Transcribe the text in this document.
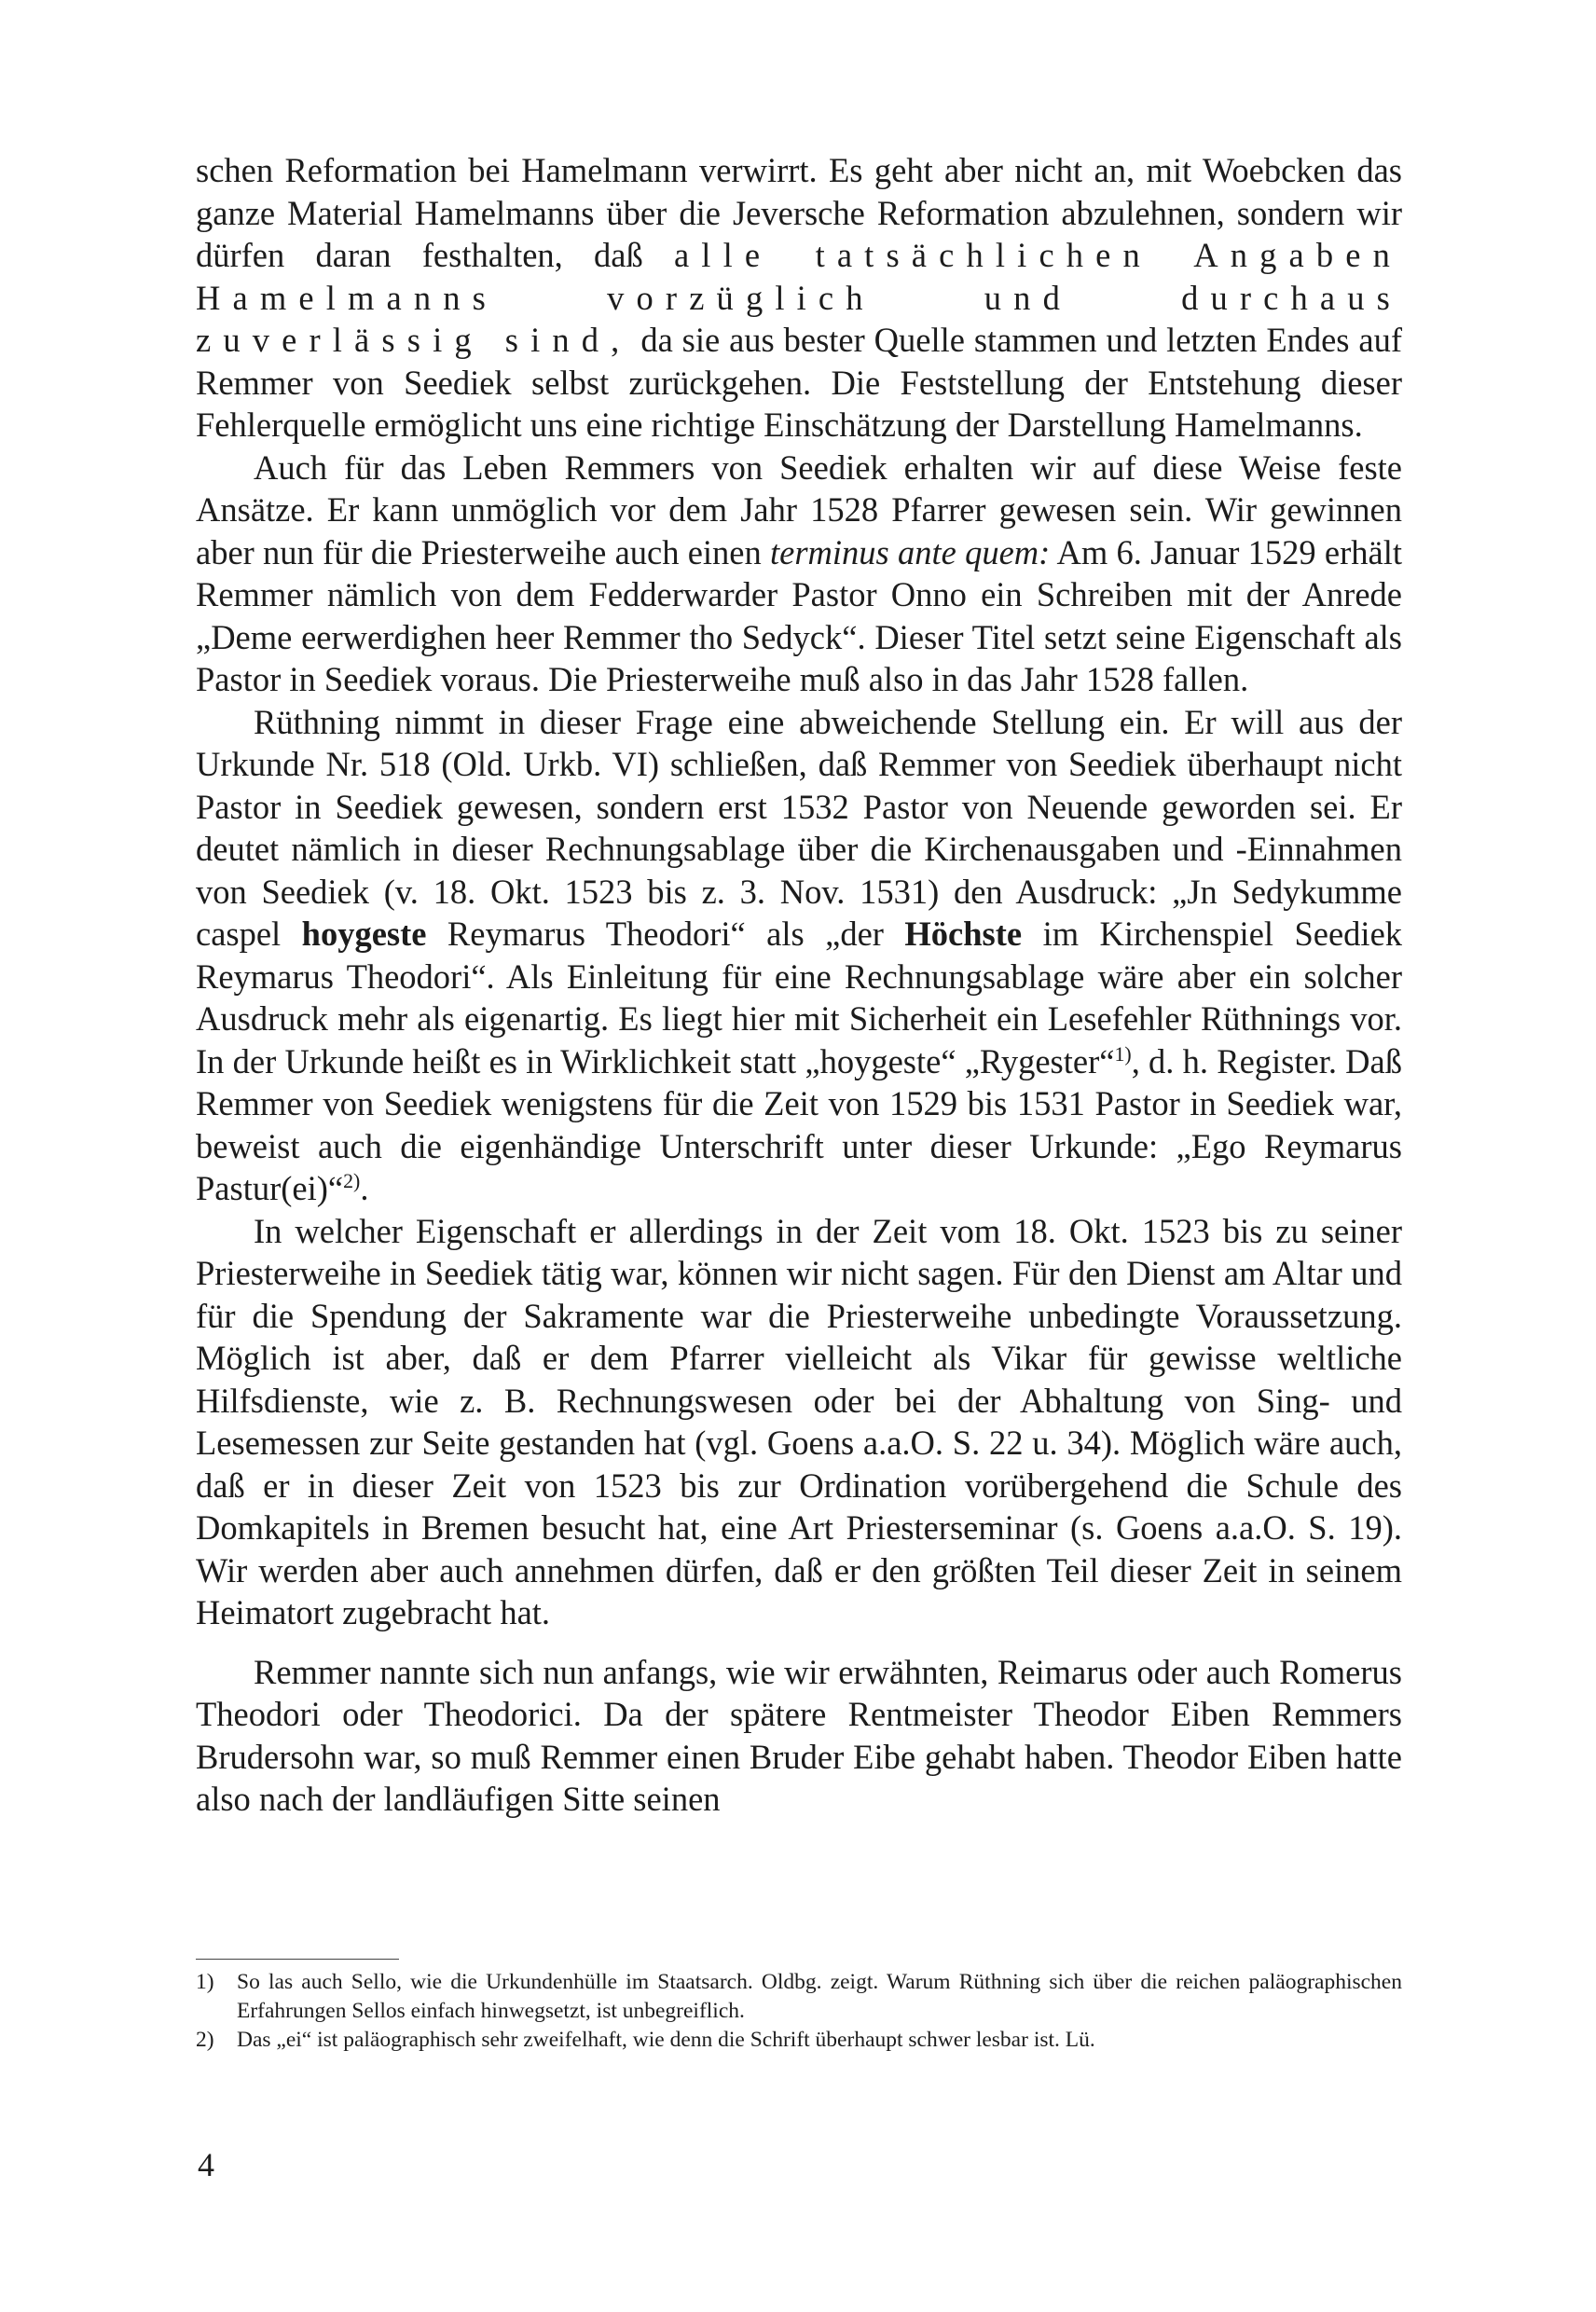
schen Reformation bei Hamelmann verwirrt. Es geht aber nicht an, mit Woebcken das ganze Material Hamelmanns über die Jeversche Reformation abzulehnen, sondern wir dürfen daran festhalten, daß alle tatsächlichen Angaben Hamelmanns vorzüglich und durchaus zuverlässig sind, da sie aus bester Quelle stammen und letzten Endes auf Remmer von Seediek selbst zurückgehen. Die Feststellung der Entstehung dieser Fehlerquelle ermöglicht uns eine richtige Einschätzung der Darstellung Hamelmanns.

Auch für das Leben Remmers von Seediek erhalten wir auf diese Weise feste Ansätze. Er kann unmöglich vor dem Jahr 1528 Pfarrer gewesen sein. Wir gewinnen aber nun für die Priesterweihe auch einen terminus ante quem: Am 6. Januar 1529 erhält Remmer nämlich von dem Fedderwarder Pastor Onno ein Schreiben mit der Anrede „Deme eerwerdighen heer Remmer tho Sedyck“. Dieser Titel setzt seine Eigenschaft als Pastor in Seediek voraus. Die Priesterweihe muß also in das Jahr 1528 fallen.

Rüthning nimmt in dieser Frage eine abweichende Stellung ein. Er will aus der Urkunde Nr. 518 (Old. Urkb. VI) schließen, daß Remmer von Seediek überhaupt nicht Pastor in Seediek gewesen, sondern erst 1532 Pastor von Neuende geworden sei. Er deutet nämlich in dieser Rechnungsablage über die Kirchenausgaben und -Einnahmen von Seediek (v. 18. Okt. 1523 bis z. 3. Nov. 1531) den Ausdruck: „Jn Sedykumme caspel hoygeste Reymarus Theodori“ als „der Höchste im Kirchenspiel Seediek Reymarus Theodori“. Als Einleitung für eine Rechnungsablage wäre aber ein solcher Ausdruck mehr als eigenartig. Es liegt hier mit Sicherheit ein Lesefehler Rüthnings vor. In der Urkunde heißt es in Wirklichkeit statt „hoygeste“ „Rygester“$^{1)}$, d. h. Register. Daß Remmer von Seediek wenigstens für die Zeit von 1529 bis 1531 Pastor in Seediek war, beweist auch die eigenhändige Unterschrift unter dieser Urkunde: „Ego Reymarus Pastur(ei)“$^{2)}$.

In welcher Eigenschaft er allerdings in der Zeit vom 18. Okt. 1523 bis zu seiner Priesterweihe in Seediek tätig war, können wir nicht sagen. Für den Dienst am Altar und für die Spendung der Sakramente war die Priesterweihe unbedingte Voraussetzung. Möglich ist aber, daß er dem Pfarrer vielleicht als Vikar für gewisse weltliche Hilfsdienste, wie z. B. Rechnungswesen oder bei der Abhaltung von Sing- und Lesemessen zur Seite gestanden hat (vgl. Goens a.a.O. S. 22 u. 34). Möglich wäre auch, daß er in dieser Zeit von 1523 bis zur Ordination vorübergehend die Schule des Domkapitels in Bremen besucht hat, eine Art Priesterseminar (s. Goens a.a.O. S. 19). Wir werden aber auch annehmen dürfen, daß er den größten Teil dieser Zeit in seinem Heimatort zugebracht hat.

Remmer nannte sich nun anfangs, wie wir erwähnten, Reimarus oder auch Romerus Theodori oder Theodorici. Da der spätere Rentmeister Theodor Eiben Remmers Brudersohn war, so muß Remmer einen Bruder Eibe gehabt haben. Theodor Eiben hatte also nach der landläufigen Sitte seinen

1) So las auch Sello, wie die Urkundenhülle im Staatsarch. Oldbg. zeigt. Warum Rüthning sich über die reichen paläographischen Erfahrungen Sellos einfach hinwegsetzt, ist unbegreiflich.
2) Das „ei“ ist paläographisch sehr zweifelhaft, wie denn die Schrift überhaupt schwer lesbar ist. Lü.
4
